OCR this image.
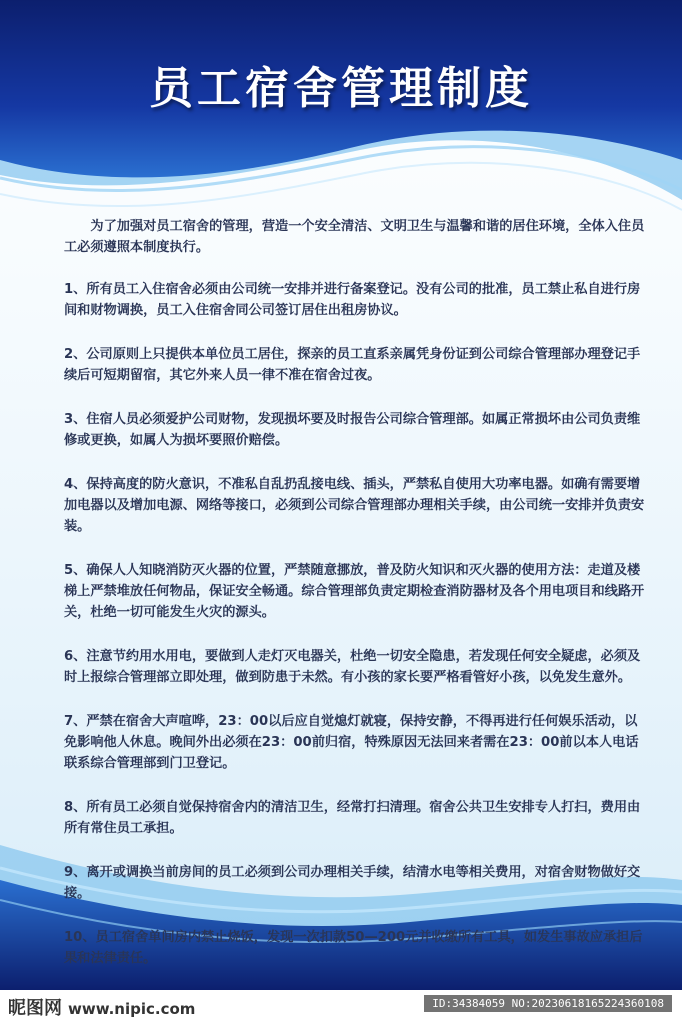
员工宿舍管理制度

为了加强对员工宿舍的管理，营造一个安全清洁、文明卫生与温馨和谐的居住环境，全体入住员工必须遵照本制度执行。

1、所有员工入住宿舍必须由公司统一安排并进行备案登记。没有公司的批准，员工禁止私自进行房间和财物调换，员工入住宿舍同公司签订居住出租房协议。

2、公司原则上只提供本单位员工居住，探亲的员工直系亲属凭身份证到公司综合管理部办理登记手续后可短期留宿，其它外来人员一律不准在宿舍过夜。

3、住宿人员必须爱护公司财物，发现损坏要及时报告公司综合管理部。如属正常损坏由公司负责维修或更换，如属人为损坏要照价赔偿。

4、保持高度的防火意识，不准私自乱扔乱接电线、插头，严禁私自使用大功率电器。如确有需要增加电器以及增加电源、网络等接口，必须到公司综合管理部办理相关手续，由公司统一安排并负责安装。

5、确保人人知晓消防灭火器的位置，严禁随意挪放，普及防火知识和灭火器的使用方法：走道及楼梯上严禁堆放任何物品，保证安全畅通。综合管理部负责定期检查消防器材及各个用电项目和线路开关，杜绝一切可能发生火灾的源头。

6、注意节约用水用电，要做到人走灯灭电器关，杜绝一切安全隐患，若发现任何安全疑虑，必须及时上报综合管理部立即处理，做到防患于未然。有小孩的家长要严格看管好小孩，以免发生意外。

7、严禁在宿舍大声喧哗，23：00以后应自觉熄灯就寝，保持安静，不得再进行任何娱乐活动，以免影响他人休息。晚间外出必须在23：00前归宿，特殊原因无法回来者需在23：00前以本人电话联系综合管理部到门卫登记。

8、所有员工必须自觉保持宿舍内的清洁卫生，经常打扫清理。宿舍公共卫生安排专人打扫，费用由所有常住员工承担。

9、离开或调换当前房间的员工必须到公司办理相关手续，结清水电等相关费用，对宿舍财物做好交接。

10、员工宿舍单间房内禁止烧饭，发现一次扣款50—200元并收缴所有工具，如发生事故应承担后果和法律责任。

昵图网 www.nipic.com	ID:34384059 NO:20230618165224360108
